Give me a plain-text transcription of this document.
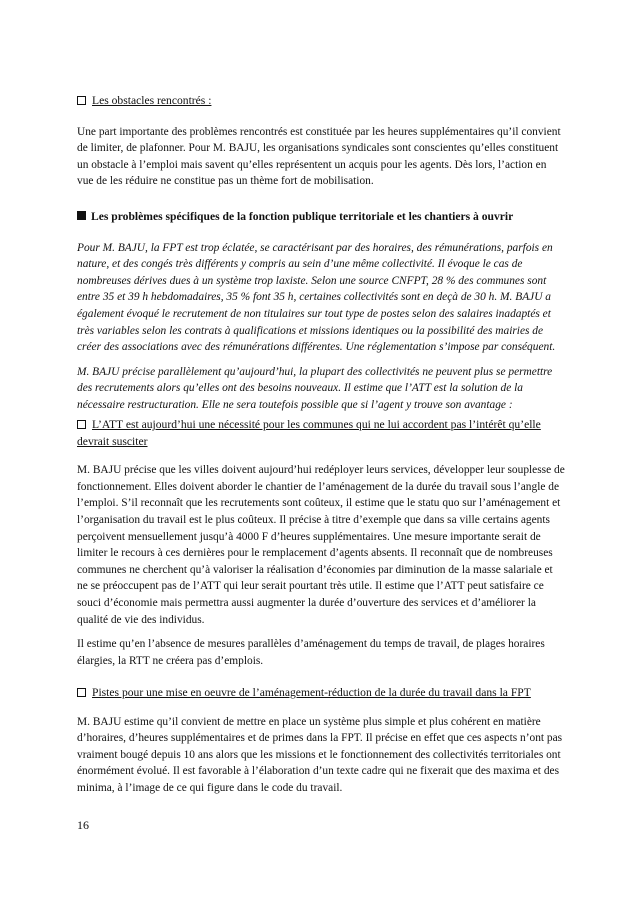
Les obstacles rencontrés :

Une part importante des problèmes rencontrés est constituée par les heures supplémentaires qu’il convient de limiter, de plafonner. Pour M. BAJU, les organisations syndicales sont conscientes qu’elles constituent un obstacle à l’emploi mais savent qu’elles représentent un acquis pour les agents. Dès lors, l’action en vue de les réduire ne constitue pas un thème fort de mobilisation.

Les problèmes spécifiques de la fonction publique territoriale et les chantiers à ouvrir

Pour M. BAJU, la FPT est trop éclatée, se caractérisant par des horaires, des rémunérations, parfois en nature, et des congés très différents y compris au sein d’une même collectivité. Il évoque le cas de nombreuses dérives dues à un système trop laxiste. Selon une source CNFPT, 28 % des communes sont entre 35 et 39 h hebdomadaires, 35 % font 35 h, certaines collectivités sont en deçà de 30 h. M. BAJU a également évoqué le recrutement de non titulaires sur tout type de postes selon des salaires inadaptés et très variables selon les contrats à qualifications et missions identiques ou la possibilité des mairies de créer des associations avec des rémunérations différentes. Une réglementation s’impose par conséquent.

M. BAJU précise parallèlement qu’aujourd’hui, la plupart des collectivités ne peuvent plus se permettre des recrutements alors qu’elles ont des besoins nouveaux. Il estime que l’ATT est la solution de la nécessaire restructuration. Elle ne sera toutefois possible que si l’agent y trouve son avantage :

L’ATT est aujourd’hui une nécessité pour les communes qui ne lui accordent pas l’intérêt qu’elle devrait susciter

M. BAJU précise que les villes doivent aujourd’hui redéployer leurs services, développer leur souplesse de fonctionnement. Elles doivent aborder le chantier de l’aménagement de la durée du travail sous l’angle de l’emploi. S’il reconnaît que les recrutements sont coûteux, il estime que le statu quo sur l’aménagement et l’organisation du travail est le plus coûteux. Il précise à titre d’exemple que dans sa ville certains agents perçoivent mensuellement jusqu’à 4000 F d’heures supplémentaires. Une mesure importante serait de limiter le recours à ces dernières pour le remplacement d’agents absents. Il reconnaît que de nombreuses communes ne cherchent qu’à valoriser la réalisation d’économies par diminution de la masse salariale et ne se préoccupent pas de l’ATT qui leur serait pourtant très utile. Il estime que l’ATT peut satisfaire ce souci d’économie mais permettra aussi augmenter la durée d’ouverture des services et d’améliorer la qualité de vie des individus.

Il estime qu’en l’absence de mesures parallèles d’aménagement du temps de travail, de plages horaires élargies, la RTT ne créera pas d’emplois.

Pistes pour une mise en oeuvre de l’aménagement-réduction de la durée du travail dans la FPT

M. BAJU estime qu’il convient de mettre en place un système plus simple et plus cohérent en matière d’horaires, d’heures supplémentaires et de primes dans la FPT. Il précise en effet que ces aspects n’ont pas vraiment bougé depuis 10 ans alors que les missions et le fonctionnement des collectivités territoriales ont énormément évolué. Il est favorable à l’élaboration d’un texte cadre qui ne fixerait que des maxima et des minima, à l’image de ce qui figure dans le code du travail.

16
